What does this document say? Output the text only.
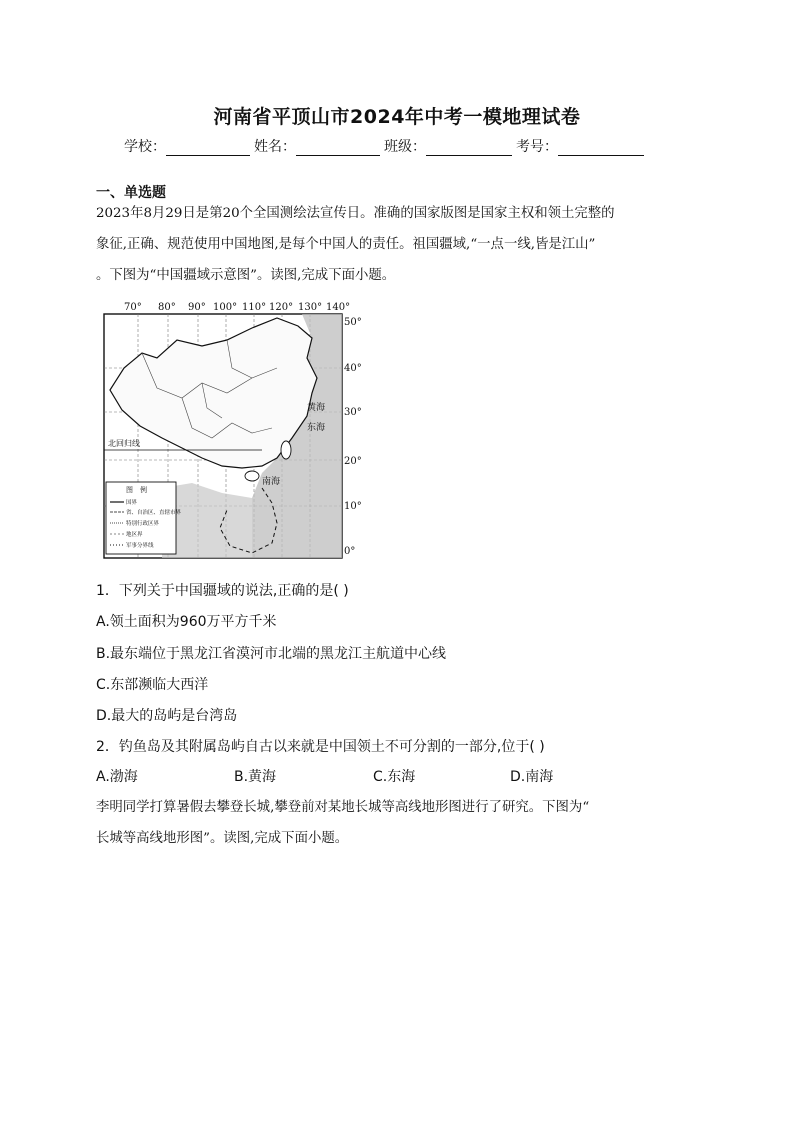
河南省平顶山市2024年中考一模地理试卷
学校：	姓名：	班级：	考号：
一、单选题
2023年8月29日是第20个全国测绘法宣传日。准确的国家版图是国家主权和领土完整的
象征,正确、规范使用中国地图,是每个中国人的责任。祖国疆域,“一点一线,皆是江山”
。下图为“中国疆域示意图”。读图,完成下面小题。
70° 80° 90° 100° 110° 120° 130° 140°
50°
40°
30°
20°
10°
0°
北回归线
黄海
东海
南海
图　例
国界
省、自治区、直辖市界
特别行政区界
地区界
军事分界线
1．下列关于中国疆域的说法,正确的是( )
A.领土面积为960万平方千米
B.最东端位于黑龙江省漠河市北端的黑龙江主航道中心线
C.东部濒临大西洋
D.最大的岛屿是台湾岛
2．钓鱼岛及其附属岛屿自古以来就是中国领土不可分割的一部分,位于( )
A.渤海	B.黄海	C.东海	D.南海
李明同学打算暑假去攀登长城,攀登前对某地长城等高线地形图进行了研究。下图为“
长城等高线地形图”。读图,完成下面小题。
